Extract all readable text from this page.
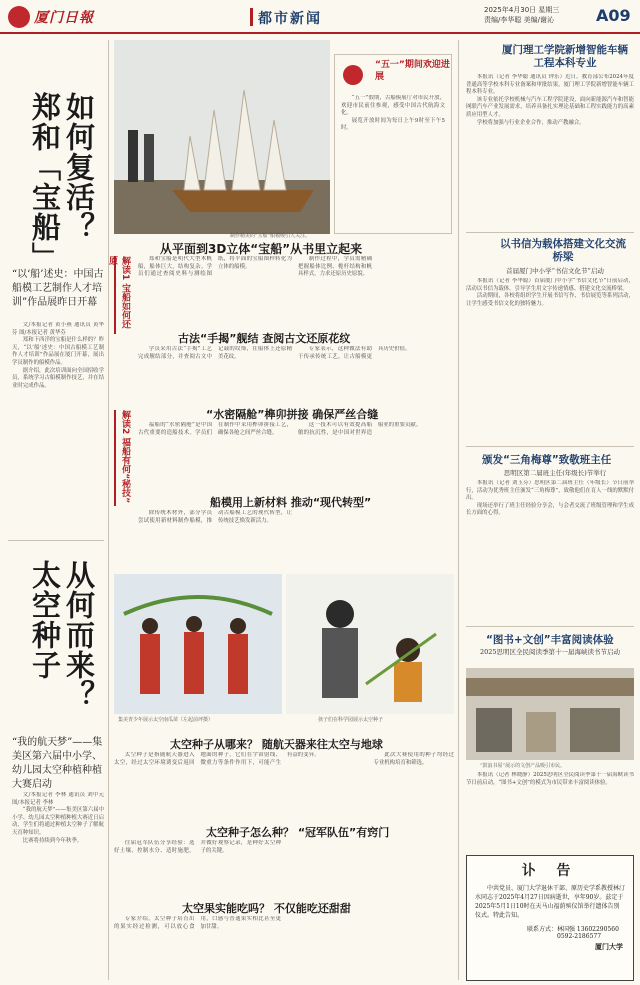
厦门日報	都市新闻
2025年4月30日 星期三
责编/李华聪 美编/谢沁	A09
如何复活？郑和「宝船」
“以‘船’述史：中国古船模工艺制作人才培训”作品展昨日开幕

文/本报记者 黄小燕 通讯员 黄华芬 图/本报记者 黄华芬

郑和下西洋的宝船是什么样的？昨天，“以‘船’述史：中国古船模工艺制作人才培训”作品展在厦门开幕，展出学员制作的船模作品。

据介绍，此次培训面向全国招收学员，系统学习古船模制作技艺，并在结业时完成作品。

从何而来？太空种子
“我的航天梦”——集美区第六届中小学、幼儿园太空种植种植大赛启动

文/本报记者 李林 通讯员 刘中元 图/本报记者 李林

“我的航天梦”——集美区第六届中小学、幼儿园太空种植种植大赛近日启动，学生们将通过种植太空种子了解航天育种知识。

比赛将持续到今年秋季。

制作精美的“宝船”船模吸引人关注。
“五一”期间欢迎进展

“五一”假期，古船模展厅对市民开放，欢迎市民前往参观，感受中国古代航海文化。

展览开放时间为每日上午9时至下午5时。

从平面到3D立体“宝船”从书里立起来
解读1 宝船如何还原	郑和宝船是明代大型木帆船，船体巨大，结构复杂。学员们通过查阅史料与测绘图纸，将平面的宝船图样转化为立体的船模。

制作过程中，学员需精确把握船体比例、桅杆结构和帆具样式，力求还原历史原貌。

古法“手揭”舰结 查阅古文还原花纹

学员采用古法“手揭”工艺完成舰结部分，并查阅古文中记载的纹饰，在船体上还原精美花纹。

专家表示，这种做法有助于传承传统工艺，让古船模更具历史价值。

“水密隔舱”榫卯拼接 确保严丝合缝
解读2 福船有何“秘技”	福船的“水密隔舱”是中国古代重要的造船技术。学员们在制作中采用榫卯拼接工艺，确保各舱之间严丝合缝。

这一技术可以有效提高船舶的抗沉性，是中国对世界造船业的重要贡献。

船模用上新材料 推动“现代转型”

除传统木材外，部分学员尝试使用新材料制作船模，推动古船模工艺的现代转型，让传统技艺焕发新活力。

集美青少年展示太空南瓜苗（左起前坪摄）	孩子们在科学园展示太空种子
太空种子从哪来？ 随航天器来往太空与地球

太空种子是指随航天器进入太空，经过太空环境诱变后返回地面的种子。它们在宇宙射线、微重力等条件作用下，可能产生有益的变异。	此次大赛使用的种子均经过专业机构培育和筛选。

太空种子怎么种？ “冠军队伍”有窍门

往届冠军队伍分享经验：选好土壤、控制水分、适时施肥，并做好观察记录，是种好太空种子的关键。

太空果实能吃吗？ 不仅能吃还甜甜

专家介绍，太空种子培育出的果实经过检测，可以放心食用，口感与普通果实相比甚至更加甘甜。

厦门理工学院新增智能车辆工程本科专业

本报讯（记者 李华聪 通讯员 钟乐）近日，教育部公布2024年度普通高等学校本科专业备案和审批结果，厦门理工学院新增智能车辆工程本科专业。

该专业依托学校机械与汽车工程学院建设，面向新能源汽车和智能网联汽车产业发展需求，培养具备扎实理论基础和工程实践能力的高素质应用型人才。

学校将加强与行业企业合作，推动产教融合。

以书信为载体搭建文化交流桥梁
首届厦门中小学“书信文化节”启动

本报讯（记者 李华聪）首届厦门中小学“书信文化节”日前启动，活动以书信为载体，引导学生用文字传递情感、搭建文化交流桥梁。

活动期间，各校将组织学生开展书信写作、书信展览等系列活动，让学生感受书信文化的独特魅力。

颁发“三角梅尊”致敬班主任
思明区第二届班主任(年级长)节举行

本报讯（记者 刘玉芬）思明区第二届班主任（年级长）节日前举行，活动为优秀班主任颁发“三角梅尊”，致敬他们在育人一线的默默付出。

现场还举行了班主任经验分享会，与会者交流了班级管理和学生成长方面的心得。

“图书+文创”丰富阅读体验
2025思明区全民阅读季第十一届海峡读书节启动
“鼓浪书屋”展示的文创产品吸引市民。

本报讯（记者 林晓静）2025思明区全民阅读季第十一届海峡读书节日前启动，“图书+文创”的模式为市民带来丰富阅读体验。

讣 告
中共党员、厦门大学退休干部、原历史学系教授林汀水同志于2025年4月27日因病逝世，享年90岁。兹定于2025年5月1日10时在天马山福荫殡仪馆举行遗体告别仪式。特此告知。
联系方式：林国强 13602290560
0592-2186577
厦门大学
